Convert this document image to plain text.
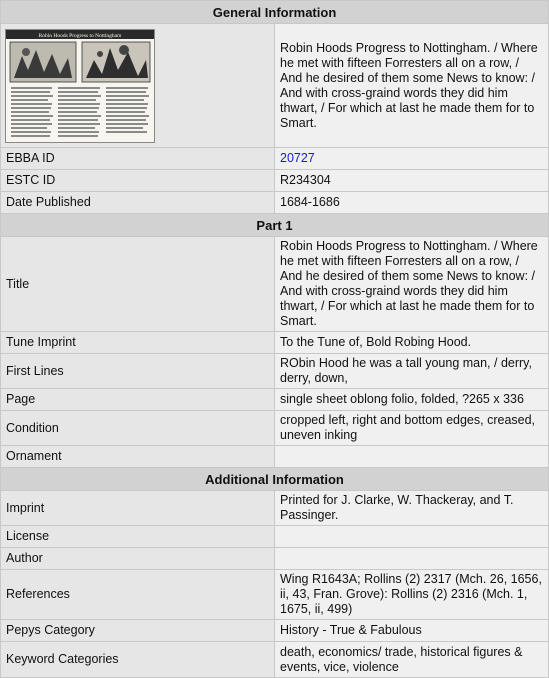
General Information	

Robin Hoods Progress to Nottingham	Robin Hoods Progress to Nottingham. / Where he met with fifteen Forresters all on a row, / And he desired of them some News to know: / And with cross-graind words they did him thwart, / For which at last he made them for to Smart.
EBBA ID	20727
ESTC ID	R234304
Date Published	1684-1686
Part 1	
Title	Robin Hoods Progress to Nottingham. / Where he met with fifteen Forresters all on a row, / And he desired of them some News to know: / And with cross-graind words they did him thwart, / For which at last he made them for to Smart.
Tune Imprint	To the Tune of, Bold Robing Hood.
First Lines	RObin Hood he was a tall young man, / derry, derry, down,
Page	single sheet oblong folio, folded, ?265 x 336
Condition	cropped left, right and bottom edges, creased, uneven inking
Ornament	
Additional Information	
Imprint	Printed for J. Clarke, W. Thackeray, and T. Passinger.
License	
Author	
References	Wing R1643A; Rollins (2) 2317 (Mch. 26, 1656, ii, 43, Fran. Grove): Rollins (2) 2316 (Mch. 1, 1675, ii, 499)
Pepys Category	History - True & Fabulous
Keyword Categories	death, economics/ trade, historical figures & events, vice, violence
